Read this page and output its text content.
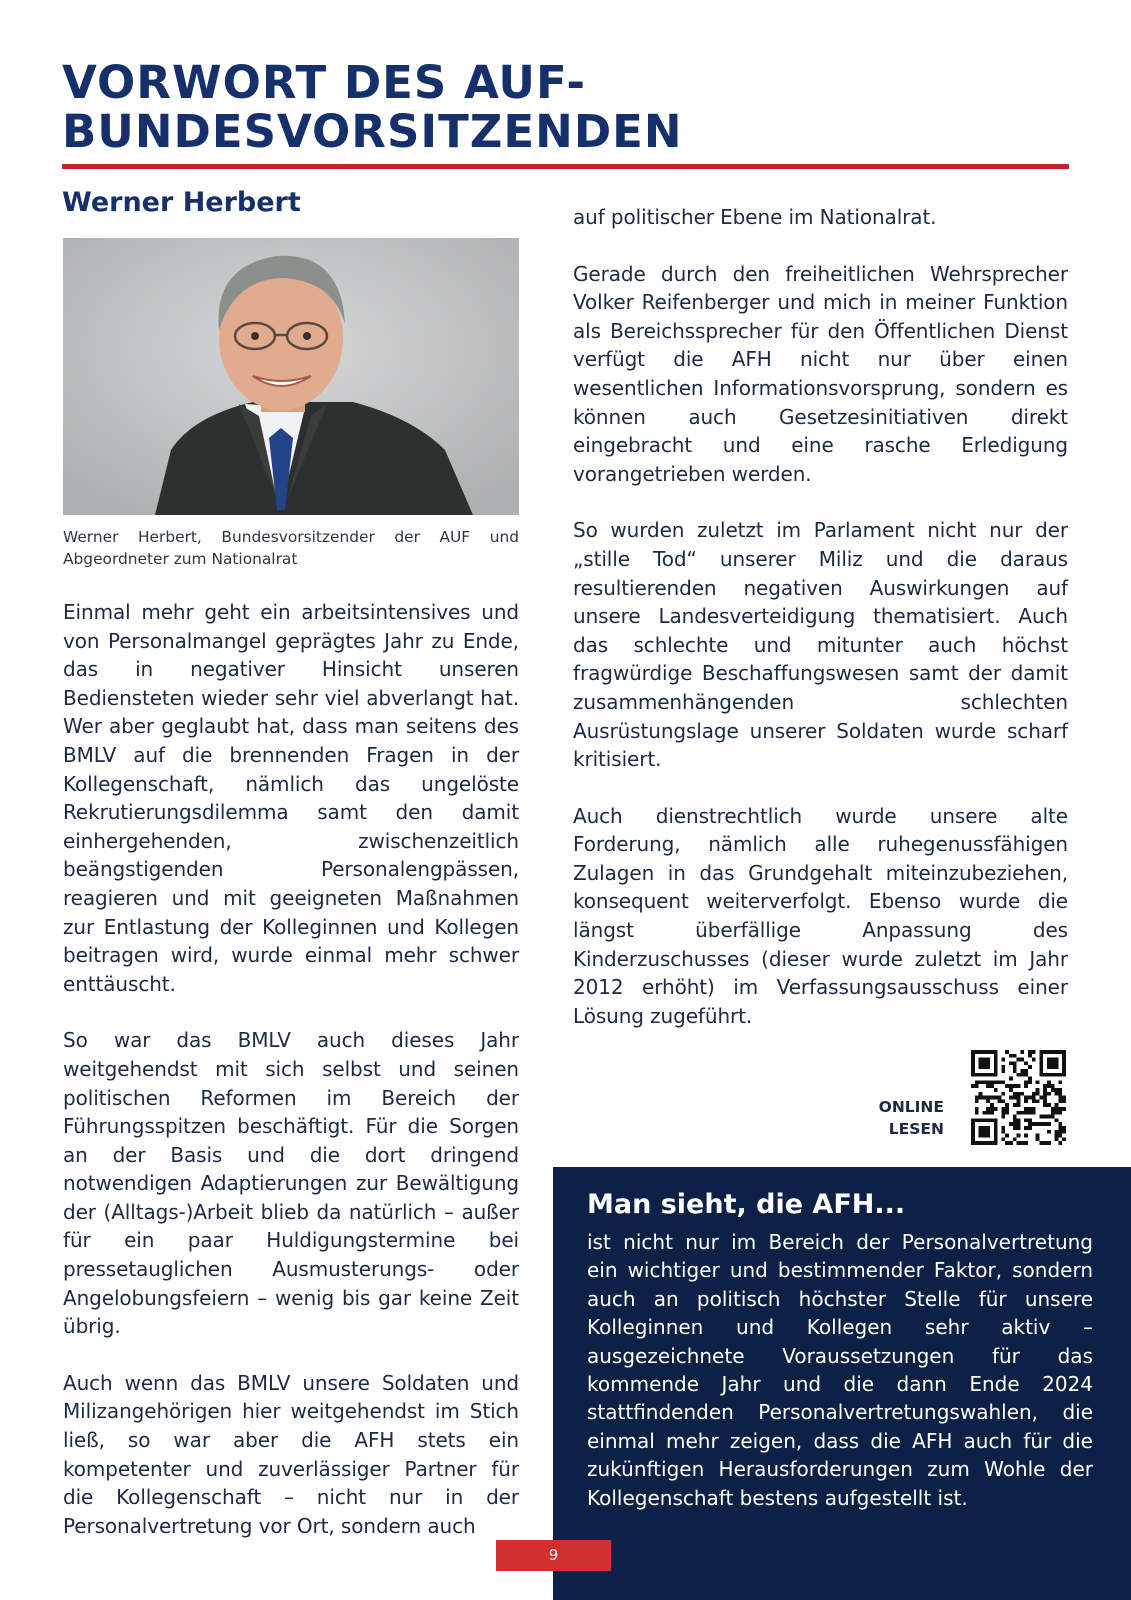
VORWORT DES AUF-
BUNDESVORSITZENDEN
Werner Herbert

Werner Herbert, Bundesvorsitzender der AUF und Abgeordneter zum Nationalrat

Einmal mehr geht ein arbeitsintensives und von Personalmangel geprägtes Jahr zu Ende, das in negativer Hinsicht unseren Bediensteten wieder sehr viel abverlangt hat. Wer aber geglaubt hat, dass man seitens des BMLV auf die brennenden Fragen in der Kollegenschaft, nämlich das ungelöste Rekrutierungsdilemma samt den damit einhergehenden, zwischenzeitlich beängstigenden Personalengpässen, reagieren und mit geeigneten Maßnahmen zur Entlastung der Kolleginnen und Kollegen beitragen wird, wurde einmal mehr schwer enttäuscht.

So war das BMLV auch dieses Jahr weitgehendst mit sich selbst und seinen politischen Reformen im Bereich der Führungsspitzen beschäftigt. Für die Sorgen an der Basis und die dort dringend notwendigen Adaptierungen zur Bewältigung der (Alltags-)Arbeit blieb da natürlich – außer für ein paar Huldigungstermine bei pressetauglichen Ausmusterungs- oder Angelobungsfeiern – wenig bis gar keine Zeit übrig.

Auch wenn das BMLV unsere Soldaten und Milizangehörigen hier weitgehendst im Stich ließ, so war aber die AFH stets ein kompetenter und zuverlässiger Partner für die Kollegenschaft – nicht nur in der Personalvertretung vor Ort, sondern auch

auf politischer Ebene im Nationalrat.

Gerade durch den freiheitlichen Wehrsprecher Volker Reifenberger und mich in meiner Funktion als Bereichssprecher für den Öffentlichen Dienst verfügt die AFH nicht nur über einen wesentlichen Informationsvorsprung, sondern es können auch Gesetzesinitiativen direkt eingebracht und eine rasche Erledigung vorangetrieben werden.

So wurden zuletzt im Parlament nicht nur der „stille Tod“ unserer Miliz und die daraus resultierenden negativen Auswirkungen auf unsere Landesverteidigung thematisiert. Auch das schlechte und mitunter auch höchst fragwürdige Beschaffungswesen samt der damit zusammenhängenden schlechten Ausrüstungslage unserer Soldaten wurde scharf kritisiert.

Auch dienstrechtlich wurde unsere alte Forderung, nämlich alle ruhegenussfähigen Zulagen in das Grundgehalt miteinzubeziehen, konsequent weiterverfolgt. Ebenso wurde die längst überfällige Anpassung des Kinderzuschusses (dieser wurde zuletzt im Jahr 2012 erhöht) im Verfassungsausschuss einer Lösung zugeführt.

ONLINE
LESEN

Man sieht, die AFH...

ist nicht nur im Bereich der Personalvertretung ein wichtiger und bestimmender Faktor, sondern auch an politisch höchster Stelle für unsere Kolleginnen und Kollegen sehr aktiv – ausgezeichnete Voraussetzungen für das kommende Jahr und die dann Ende 2024 stattfindenden Personalvertretungswahlen, die einmal mehr zeigen, dass die AFH auch für die zukünftigen Herausforderungen zum Wohle der Kollegenschaft bestens aufgestellt ist.

9
